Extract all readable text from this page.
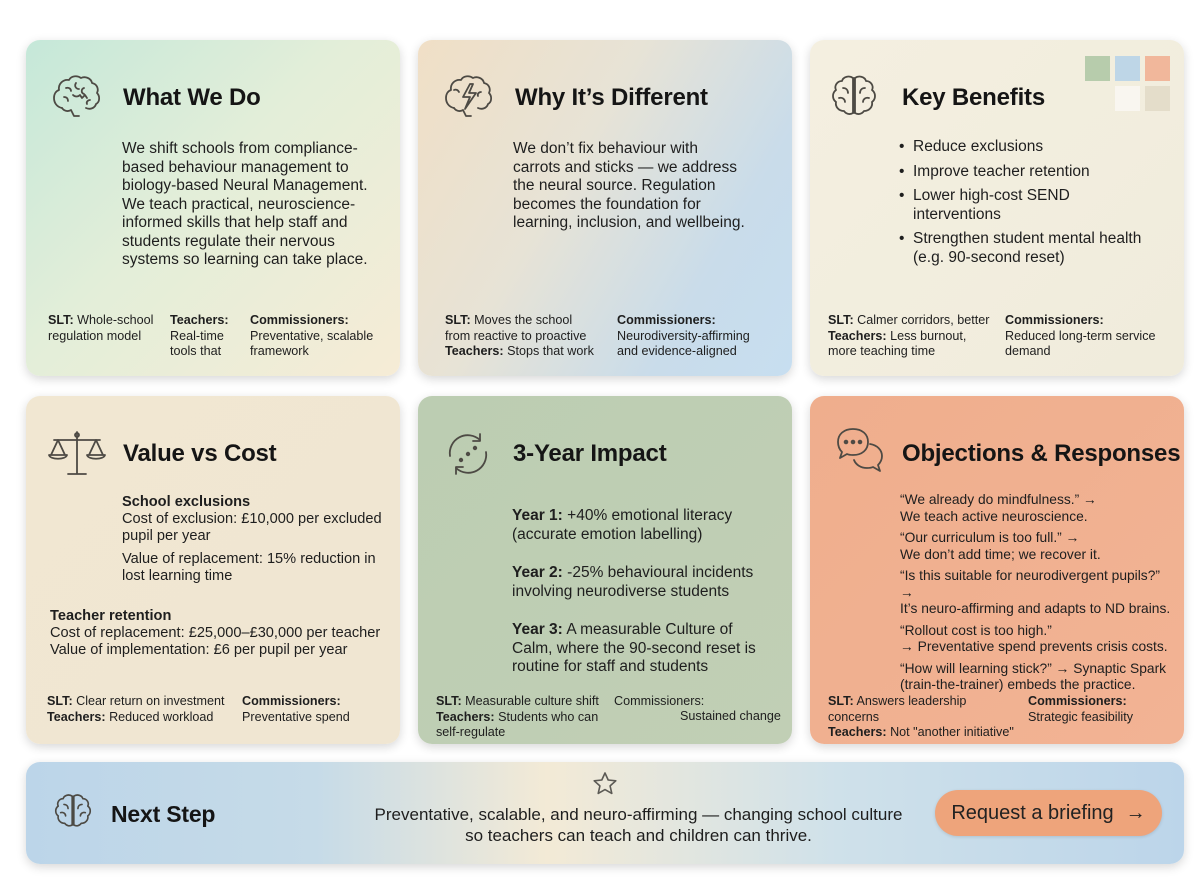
What We Do
We shift schools from compliance-based behaviour management to biology-based Neural Management. We teach practical, neuroscience-informed skills that help staff and students regulate their nervous systems so learning can take place.
SLT: Whole-school regulation model
Teachers:
Real-time tools that
Commissioners:
Preventative, scalable framework
Why It’s Different
We don’t fix behaviour with carrots and sticks — we address the neural source. Regulation becomes the foundation for learning, inclusion, and wellbeing.
SLT: Moves the school from reactive to proactive
Teachers: Stops that work
Commissioners:
Neurodiversity-affirming and evidence-aligned
Key Benefits
• Reduce exclusions
• Improve teacher retention
• Lower high-cost SEND interventions
• Strengthen student mental health (e.g. 90-second reset)
SLT: Calmer corridors, better
Teachers: Less burnout, more teaching time
Commissioners:
Reduced long-term service demand
Value vs Cost
School exclusions
Cost of exclusion: £10,000 per excluded pupil per year
Value of replacement: 15% reduction in lost learning time
Teacher retention
Cost of replacement: £25,000–£30,000 per teacher
Value of implementation: £6 per pupil per year
SLT: Clear return on investment
Teachers: Reduced workload
Commissioners:
Preventative spend
3-Year Impact
Year 1: +40% emotional literacy (accurate emotion labelling)
Year 2: -25% behavioural incidents involving neurodiverse students
Year 3: A measurable Culture of Calm, where the 90-second reset is routine for staff and students
SLT: Measurable culture shift
Teachers: Students who can self-regulate
Commissioners:
Sustained change
Objections & Responses

“We already do mindfulness.” →
We teach active neuroscience.

“Our curriculum is too full.” →
We don’t add time; we recover it.

“Is this suitable for neurodivergent pupils?” →
It’s neuro-affirming and adapts to ND brains.

“Rollout cost is too high.”
→ Preventative spend prevents crisis costs.

“How will learning stick?” → Synaptic Spark
(train-the-trainer) embeds the practice.

SLT: Answers leadership concerns
Teachers: Not "another initiative"
Commissioners:
Strategic feasibility
Next Step	Preventative, scalable, and neuro-affirming — changing school culture
so teachers can teach and children can thrive.
Request a briefing →
